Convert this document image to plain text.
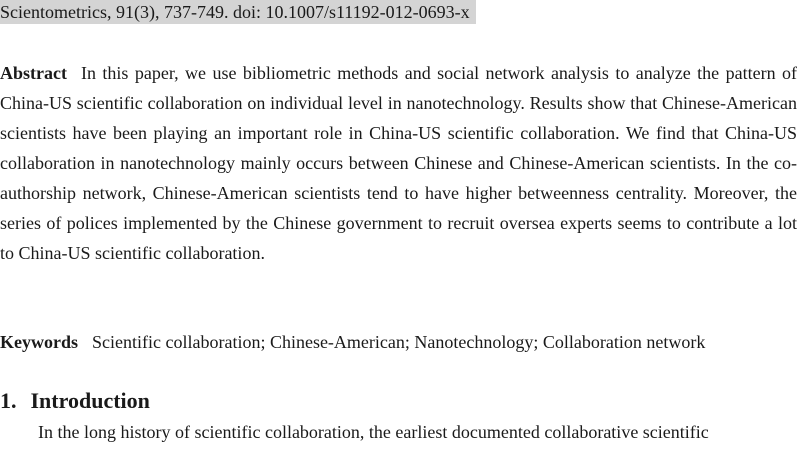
Scientometrics, 91(3), 737-749. doi: 10.1007/s11192-012-0693-x

Abstract In this paper, we use bibliometric methods and social network analysis to analyze the pattern of China-US scientific collaboration on individual level in nanotechnology. Results show that Chinese-American scientists have been playing an important role in China-US scientific collaboration. We find that China-US collaboration in nanotechnology mainly occurs between Chinese and Chinese-American scientists. In the co-authorship network, Chinese-American scientists tend to have higher betweenness centrality. Moreover, the series of polices implemented by the Chinese government to recruit oversea experts seems to contribute a lot to China-US scientific collaboration.

Keywords Scientific collaboration; Chinese-American; Nanotechnology; Collaboration network

1. Introduction

In the long history of scientific collaboration, the earliest documented collaborative scientific
